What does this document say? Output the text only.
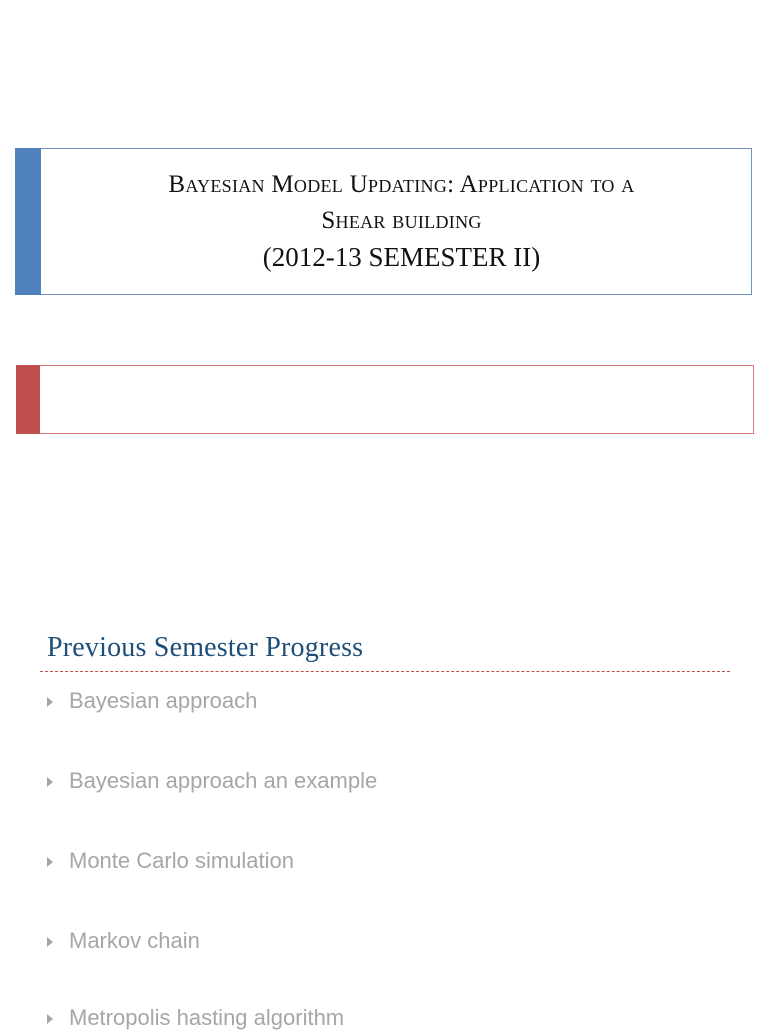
Bayesian Model Updating: Application to a
Shear building
(2012-13 SEMESTER II)
Previous Semester Progress
Bayesian approach
Bayesian approach an example
Monte Carlo simulation
Markov chain
Metropolis hasting algorithm
